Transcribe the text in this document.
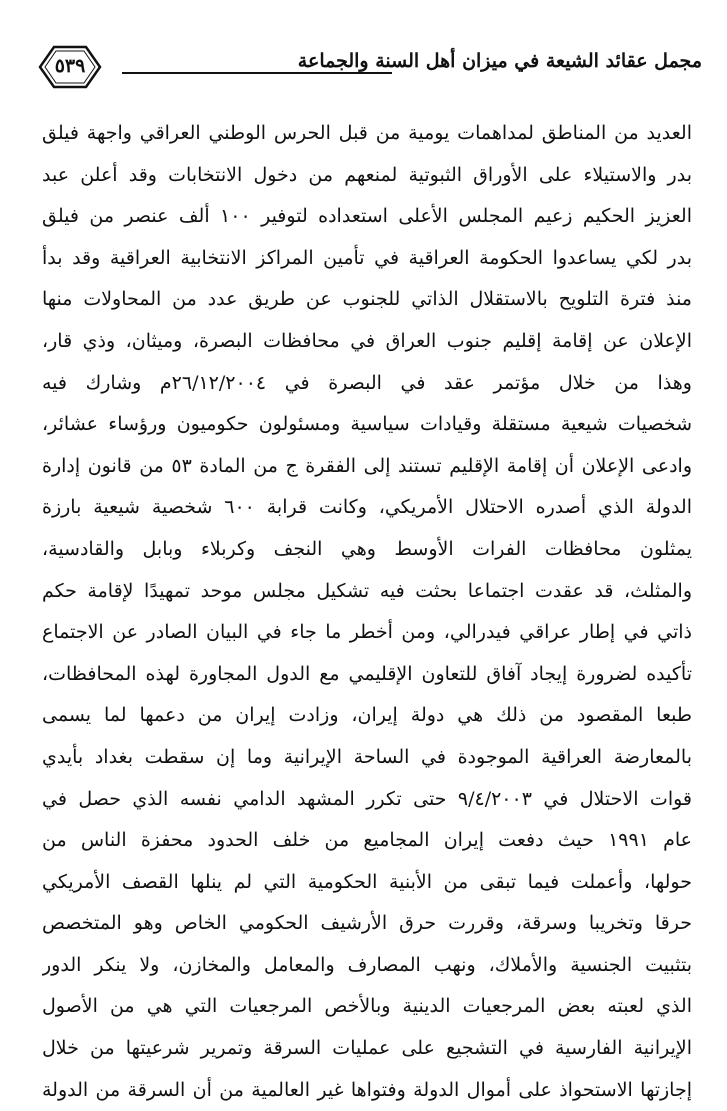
مجمل عقائد الشيعة في ميزان أهل السنة والجماعة
٥٣٩
العديد من المناطق لمداهمات يومية من قبل الحرس الوطني العراقي واجهة فيلق
بدر والاستيلاء على الأوراق الثبوتية لمنعهم من دخول الانتخابات وقد أعلن عبد
العزيز الحكيم زعيم المجلس الأعلى استعداده لتوفير ١٠٠ ألف عنصر من فيلق
بدر لكي يساعدوا الحكومة العراقية في تأمين المراكز الانتخابية العراقية وقد بدأ
منذ فترة التلويح بالاستقلال الذاتي للجنوب عن طريق عدد من المحاولات منها
الإعلان عن إقامة إقليم جنوب العراق في محافظات البصرة، وميثان، وذي قار،
وهذا من خلال مؤتمر عقد في البصرة في ٢٦/١٢/٢٠٠٤م وشارك فيه
شخصيات شيعية مستقلة وقيادات سياسية ومسئولون حكوميون ورؤساء عشائر،
وادعى الإعلان أن إقامة الإقليم تستند إلى الفقرة ج من المادة ٥٣ من قانون إدارة
الدولة الذي أصدره الاحتلال الأمريكي، وكانت قرابة ٦٠٠ شخصية شيعية بارزة
يمثلون محافظات الفرات الأوسط وهي النجف وكربلاء وبابل والقادسية،
والمثلث، قد عقدت اجتماعا بحثت فيه تشكيل مجلس موحد تمهيدًا لإقامة حكم
ذاتي في إطار عراقي فيدرالي، ومن أخطر ما جاء في البيان الصادر عن الاجتماع
تأكيده لضرورة إيجاد آفاق للتعاون الإقليمي مع الدول المجاورة لهذه المحافظات،
طبعا المقصود من ذلك هي دولة إيران، وزادت إيران من دعمها لما يسمى
بالمعارضة العراقية الموجودة في الساحة الإيرانية وما إن سقطت بغداد بأيدي
قوات الاحتلال في ٩/٤/٢٠٠٣ حتى تكرر المشهد الدامي نفسه الذي حصل في
عام ١٩٩١ حيث دفعت إيران المجاميع من خلف الحدود محفزة الناس من
حولها، وأعملت فيما تبقى من الأبنية الحكومية التي لم ينلها القصف الأمريكي
حرقا وتخريبا وسرقة، وقررت حرق الأرشيف الحكومي الخاص وهو المتخصص
بتثبيت الجنسية والأملاك، ونهب المصارف والمعامل والمخازن، ولا ينكر الدور
الذي لعبته بعض المرجعيات الدينية وبالأخص المرجعيات التي هي من الأصول
الإيرانية الفارسية في التشجيع على عمليات السرقة وتمرير شرعيتها من خلال
إجازتها الاستحواذ على أموال الدولة وفتواها غير العالمية من أن السرقة من الدولة
